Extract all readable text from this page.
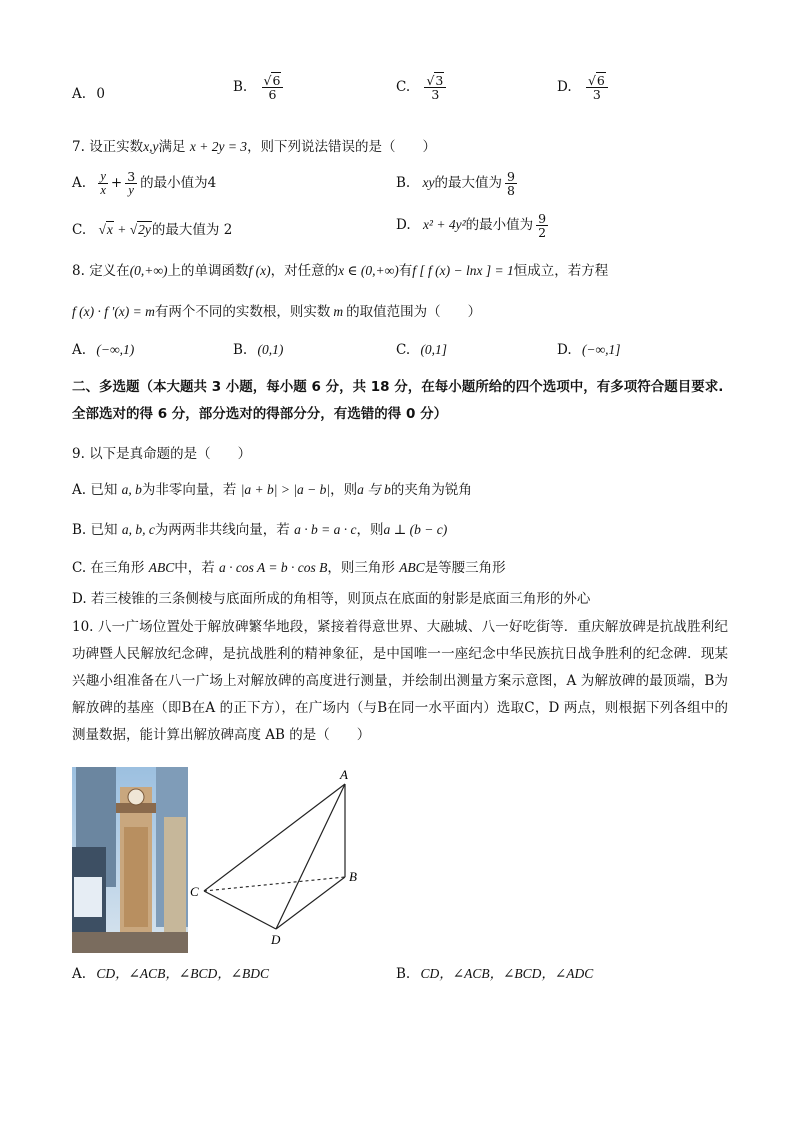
A. 0	B. $\frac{√6}{6}$	C. $\frac{√3}{3}$	D. $\frac{√6}{3}$
7. 设正实数x,y满足 x + 2y = 3，则下列说法错误的是（　　）
A. $\frac{y}{x} + \frac{3}{y}$ 的最小值为4	B. xy的最大值为 $\frac{9}{8}$
C. √x + √2y的最大值为 2	D. x² + 4y²的最小值为 $\frac{9}{2}$
8. 定义在(0,+∞)上的单调函数f (x)，对任意的x ∈ (0,+∞)有f [ f (x) − lnx ] = 1恒成立，若方程
f (x) · f ′(x) = m有两个不同的实数根，则实数 m 的取值范围为（　　）
A. (−∞,1)	B. (0,1)	C. (0,1]	D. (−∞,1]
二、多选题（本大题共 3 小题，每小题 6 分，共 18 分，在每小题所给的四个选项中，有多项符合题目要求.全部选对的得 6 分，部分选对的得部分分，有选错的得 0 分）
9. 以下是真命题的是（　　）
A. 已知 a, b为非零向量，若 |a + b| > |a − b|，则a 与 b的夹角为锐角
B. 已知 a, b, c为两两非共线向量，若 a · b = a · c，则a ⊥ (b − c)
C. 在三角形 ABC中，若 a · cos A = b · cos B，则三角形 ABC是等腰三角形
D. 若三棱锥的三条侧棱与底面所成的角相等，则顶点在底面的射影是底面三角形的外心
10. 八一广场位置处于解放碑繁华地段，紧接着得意世界、大融城、八一好吃街等．重庆解放碑是抗战胜利纪功碑暨人民解放纪念碑，是抗战胜利的精神象征，是中国唯一一座纪念中华民族抗日战争胜利的纪念碑．现某兴趣小组准备在八一广场上对解放碑的高度进行测量，并绘制出测量方案示意图，A 为解放碑的最顶端，B为解放碑的基座（即B在A 的正下方），在广场内（与B在同一水平面内）选取C，D 两点，则根据下列各组中的测量数据，能计算出解放碑高度 AB 的是（　　）
A
B
C
D
A. CD，∠ACB，∠BCD，∠BDC	B. CD，∠ACB，∠BCD，∠ADC
